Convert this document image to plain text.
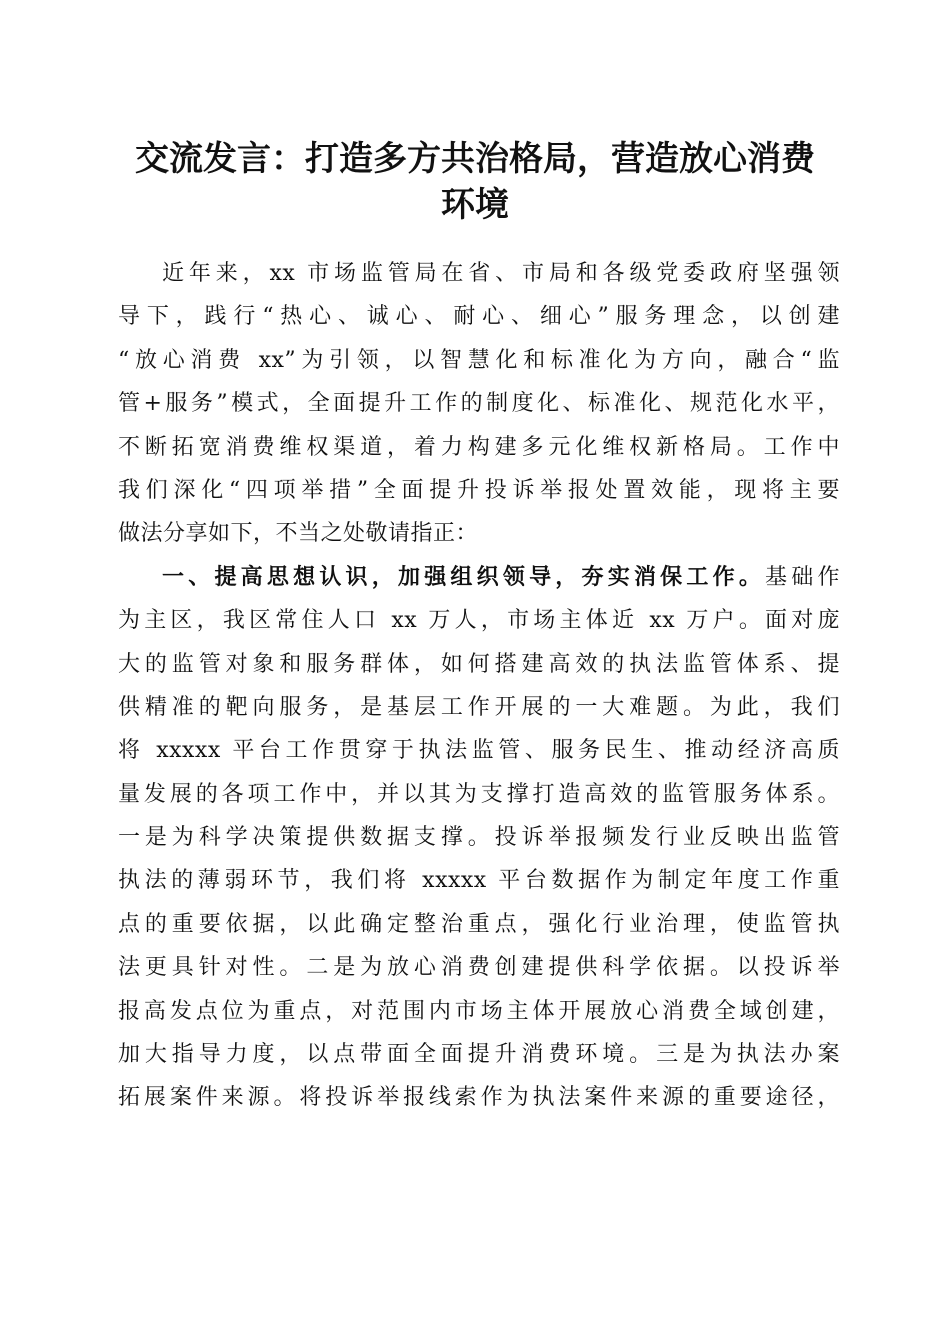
交流发言：打造多方共治格局，营造放心消费
环境
近年来，xx 市场监管局在省、市局和各级党委政府坚强领
导下，践行“热心、诚心、耐心、细心”服务理念，以创建
“放心消费 xx”为引领，以智慧化和标准化为方向，融合“监
管+服务”模式，全面提升工作的制度化、标准化、规范化水平，
不断拓宽消费维权渠道，着力构建多元化维权新格局。工作中
我们深化“四项举措”全面提升投诉举报处置效能，现将主要
做法分享如下，不当之处敬请指正：
一、提高思想认识，加强组织领导，夯实消保工作。基础作
为主区，我区常住人口 xx 万人，市场主体近 xx 万户。面对庞
大的监管对象和服务群体，如何搭建高效的执法监管体系、提
供精准的靶向服务，是基层工作开展的一大难题。为此，我们
将 xxxxx 平台工作贯穿于执法监管、服务民生、推动经济高质
量发展的各项工作中，并以其为支撑打造高效的监管服务体系。
一是为科学决策提供数据支撑。投诉举报频发行业反映出监管
执法的薄弱环节，我们将 xxxxx 平台数据作为制定年度工作重
点的重要依据，以此确定整治重点，强化行业治理，使监管执
法更具针对性。二是为放心消费创建提供科学依据。以投诉举
报高发点位为重点，对范围内市场主体开展放心消费全域创建，
加大指导力度，以点带面全面提升消费环境。三是为执法办案
拓展案件来源。将投诉举报线索作为执法案件来源的重要途径，
